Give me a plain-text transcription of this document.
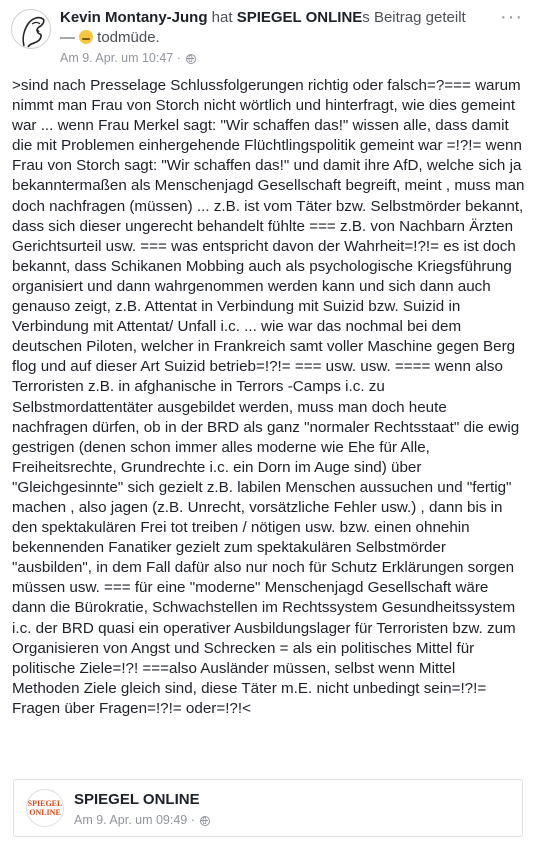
Kevin Montany-Jung hat SPIEGEL ONLINEs Beitrag geteilt
— todmüde.
Am 9. Apr. um 10:47 ·
···
>sind nach Presselage Schlussfolgerungen richtig oder falsch=?=== warum nimmt man Frau von Storch nicht wörtlich und hinterfragt, wie dies gemeint war ... wenn Frau Merkel sagt: "Wir schaffen das!" wissen alle, dass damit die mit Problemen einhergehende Flüchtlingspolitik gemeint war =!?!= wenn Frau von Storch sagt: "Wir schaffen das!" und damit ihre AfD, welche sich ja bekanntermaßen als Menschenjagd Gesellschaft begreift, meint , muss man doch nachfragen (müssen) ... z.B. ist vom Täter bzw. Selbstmörder bekannt, dass sich dieser ungerecht behandelt fühlte === z.B. von Nachbarn Ärzten Gerichtsurteil usw. === was entspricht davon der Wahrheit=!?!= es ist doch bekannt, dass Schikanen Mobbing auch als psychologische Kriegsführung organisiert und dann wahrgenommen werden kann und sich dann auch genauso zeigt, z.B. Attentat in Verbindung mit Suizid bzw. Suizid in Verbindung mit Attentat/ Unfall i.c. ... wie war das nochmal bei dem deutschen Piloten, welcher in Frankreich samt voller Maschine gegen Berg flog und auf dieser Art Suizid betrieb=!?!= === usw. usw. ==== wenn also Terroristen z.B. in afghanische in Terrors -Camps i.c. zu Selbstmordattentäter ausgebildet werden, muss man doch heute nachfragen dürfen, ob in der BRD als ganz "normaler Rechtsstaat" die ewig gestrigen (denen schon immer alles moderne wie Ehe für Alle, Freiheitsrechte, Grundrechte i.c. ein Dorn im Auge sind) über "Gleichgesinnte" sich gezielt z.B. labilen Menschen aussuchen und "fertig" machen , also jagen (z.B. Unrecht, vorsätzliche Fehler usw.) , dann bis in den spektakulären Frei tot treiben / nötigen usw. bzw. einen ohnehin bekennenden Fanatiker gezielt zum spektakulären Selbstmörder "ausbilden", in dem Fall dafür also nur noch für Schutz Erklärungen sorgen müssen usw. === für eine "moderne" Menschenjagd Gesellschaft wäre dann die Bürokratie, Schwachstellen im Rechtssystem Gesundheitssystem i.c. der BRD quasi ein operativer Ausbildungslager für Terroristen bzw. zum Organisieren von Angst und Schrecken = als ein politisches Mittel für politische Ziele=!?! ===also Ausländer müssen, selbst wenn Mittel Methoden Ziele gleich sind, diese Täter m.E. nicht unbedingt sein=!?!= Fragen über Fragen=!?!= oder=!?!<
SPIEGEL
ONLINE
SPIEGEL ONLINE
Am 9. Apr. um 09:49 ·
